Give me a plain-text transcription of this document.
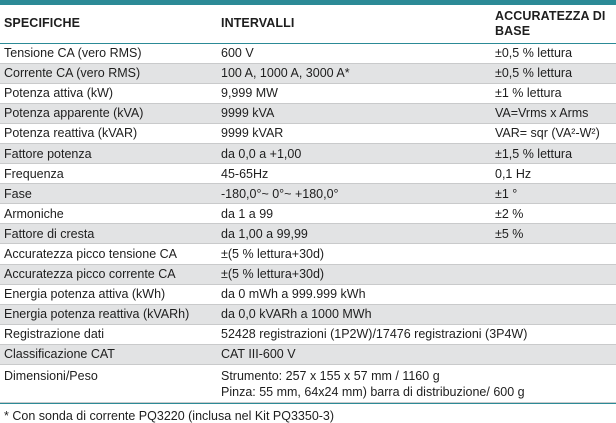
SPECIFICHE	INTERVALLI	ACCURATEZZA DI BASE
Tensione CA (vero RMS)	600 V	±0,5 % lettura
Corrente CA (vero RMS)	100 A, 1000 A, 3000 A*	±0,5 % lettura
Potenza attiva (kW)	9,999 MW	±1 % lettura
Potenza apparente (kVA)	9999 kVA	VA=Vrms x Arms
Potenza reattiva (kVAR)	9999 kVAR	VAR= sqr (VA²-W²)
Fattore potenza	da 0,0 a +1,00	±1,5 % lettura
Frequenza	45-65Hz	0,1 Hz
Fase	-180,0°~ 0°~ +180,0°	±1 °
Armoniche	da 1 a 99	±2 %
Fattore di cresta	da 1,00 a 99,99	±5 %
Accuratezza picco tensione CA	±(5 % lettura+30d)	
Accuratezza picco corrente CA	±(5 % lettura+30d)	
Energia potenza attiva (kWh)	da 0 mWh a 999.999 kWh	
Energia potenza reattiva (kVARh)	da 0,0 kVARh a 1000 MWh	
Registrazione dati	52428 registrazioni (1P2W)/17476 registrazioni (3P4W)	
Classificazione CAT	CAT III-600 V	
Dimensioni/Peso	Strumento: 257 x 155 x 57 mm / 1160 g
Pinza: 55 mm, 64x24 mm) barra di distribuzione/ 600 g	
* Con sonda di corrente PQ3220 (inclusa nel Kit PQ3350-3)
